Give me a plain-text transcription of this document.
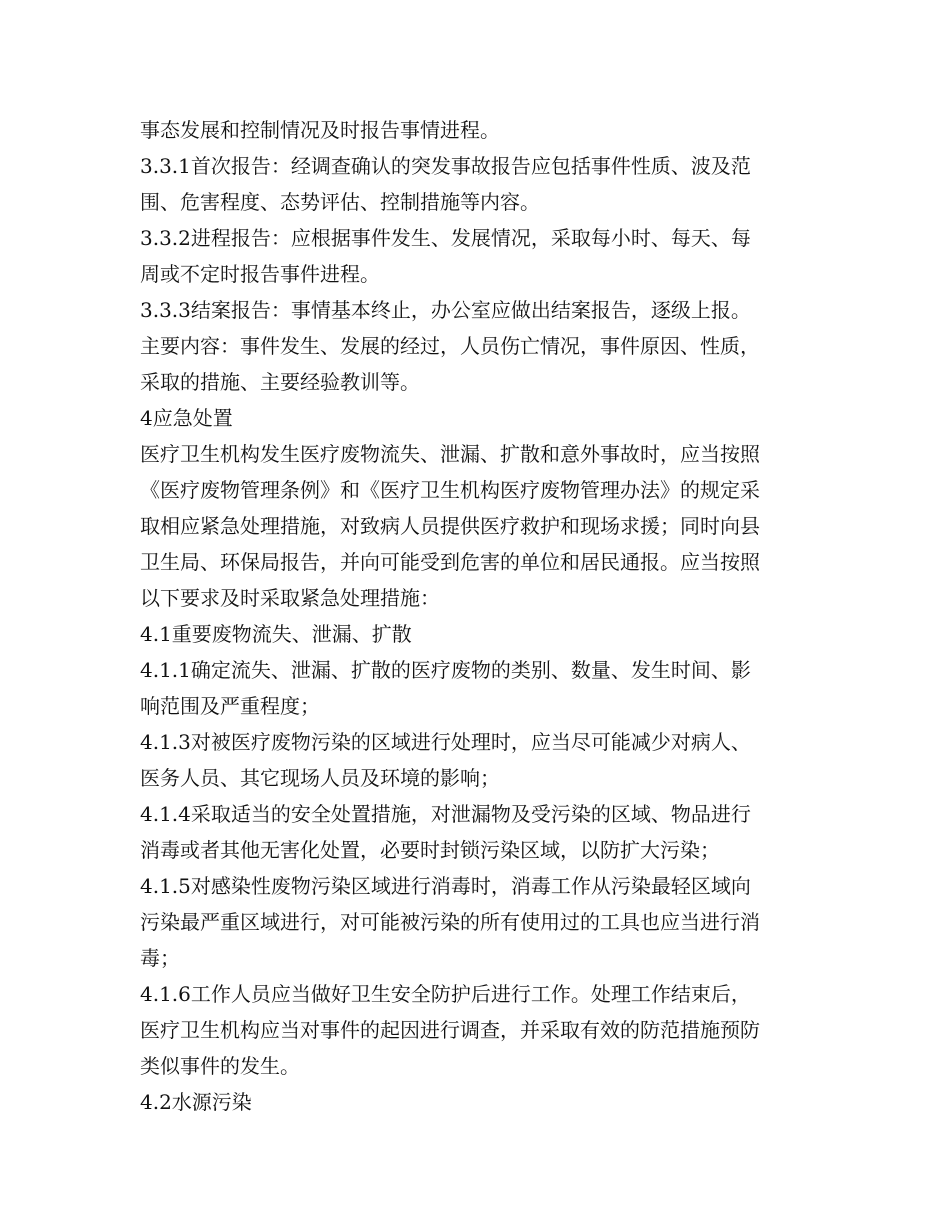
事态发展和控制情况及时报告事情进程。
3.3.1首次报告：经调查确认的突发事故报告应包括事件性质、波及范
围、危害程度、态势评估、控制措施等内容。
3.3.2进程报告：应根据事件发生、发展情况，采取每小时、每天、每
周或不定时报告事件进程。
3.3.3结案报告：事情基本终止，办公室应做出结案报告，逐级上报。
主要内容：事件发生、发展的经过，人员伤亡情况，事件原因、性质，
采取的措施、主要经验教训等。
4应急处置
医疗卫生机构发生医疗废物流失、泄漏、扩散和意外事故时，应当按照
《医疗废物管理条例》和《医疗卫生机构医疗废物管理办法》的规定采
取相应紧急处理措施，对致病人员提供医疗救护和现场求援；同时向县
卫生局、环保局报告，并向可能受到危害的单位和居民通报。应当按照
以下要求及时采取紧急处理措施：
4.1重要废物流失、泄漏、扩散
4.1.1确定流失、泄漏、扩散的医疗废物的类别、数量、发生时间、影
响范围及严重程度；
4.1.3对被医疗废物污染的区域进行处理时，应当尽可能减少对病人、
医务人员、其它现场人员及环境的影响；
4.1.4采取适当的安全处置措施，对泄漏物及受污染的区域、物品进行
消毒或者其他无害化处置，必要时封锁污染区域，以防扩大污染；
4.1.5对感染性废物污染区域进行消毒时，消毒工作从污染最轻区域向
污染最严重区域进行，对可能被污染的所有使用过的工具也应当进行消
毒；
4.1.6工作人员应当做好卫生安全防护后进行工作。处理工作结束后，
医疗卫生机构应当对事件的起因进行调查，并采取有效的防范措施预防
类似事件的发生。
4.2水源污染
